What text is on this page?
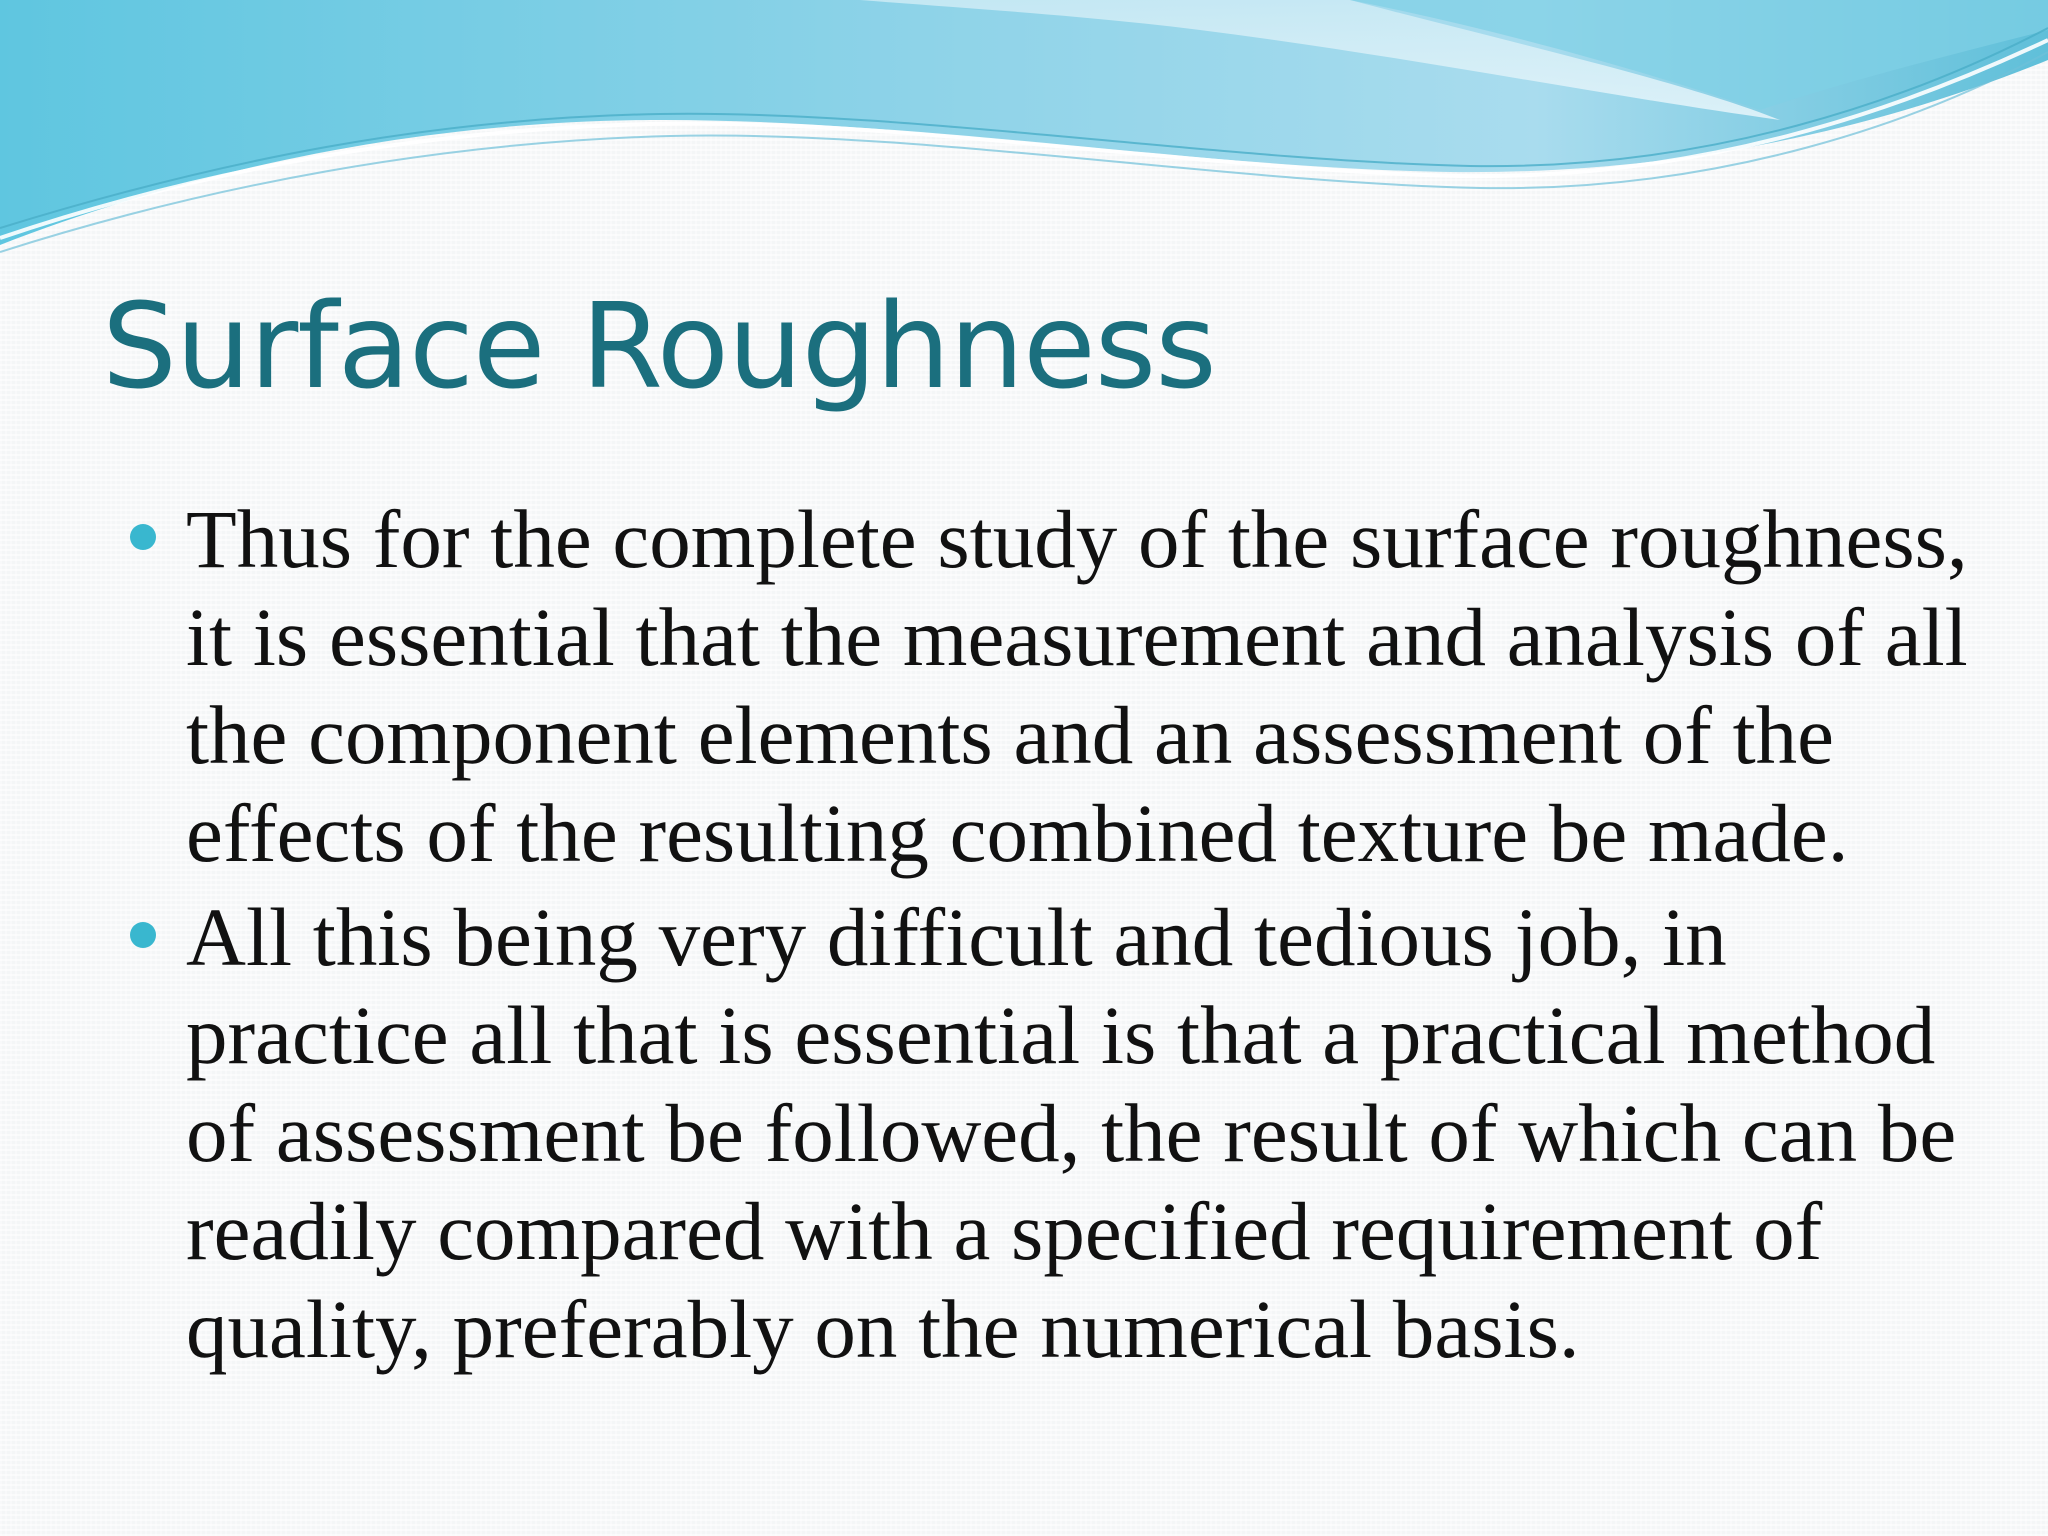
Surface Roughness
Thus for the complete study of the surface roughness, it is essential that the measurement and analysis of all the component elements and an assessment of the effects of the resulting combined texture be made.
All this being very difficult and tedious job, in practice all that is essential is that a practical method of assessment be followed, the result of which can be readily compared with a specified requirement of quality, preferably on the numerical basis.
